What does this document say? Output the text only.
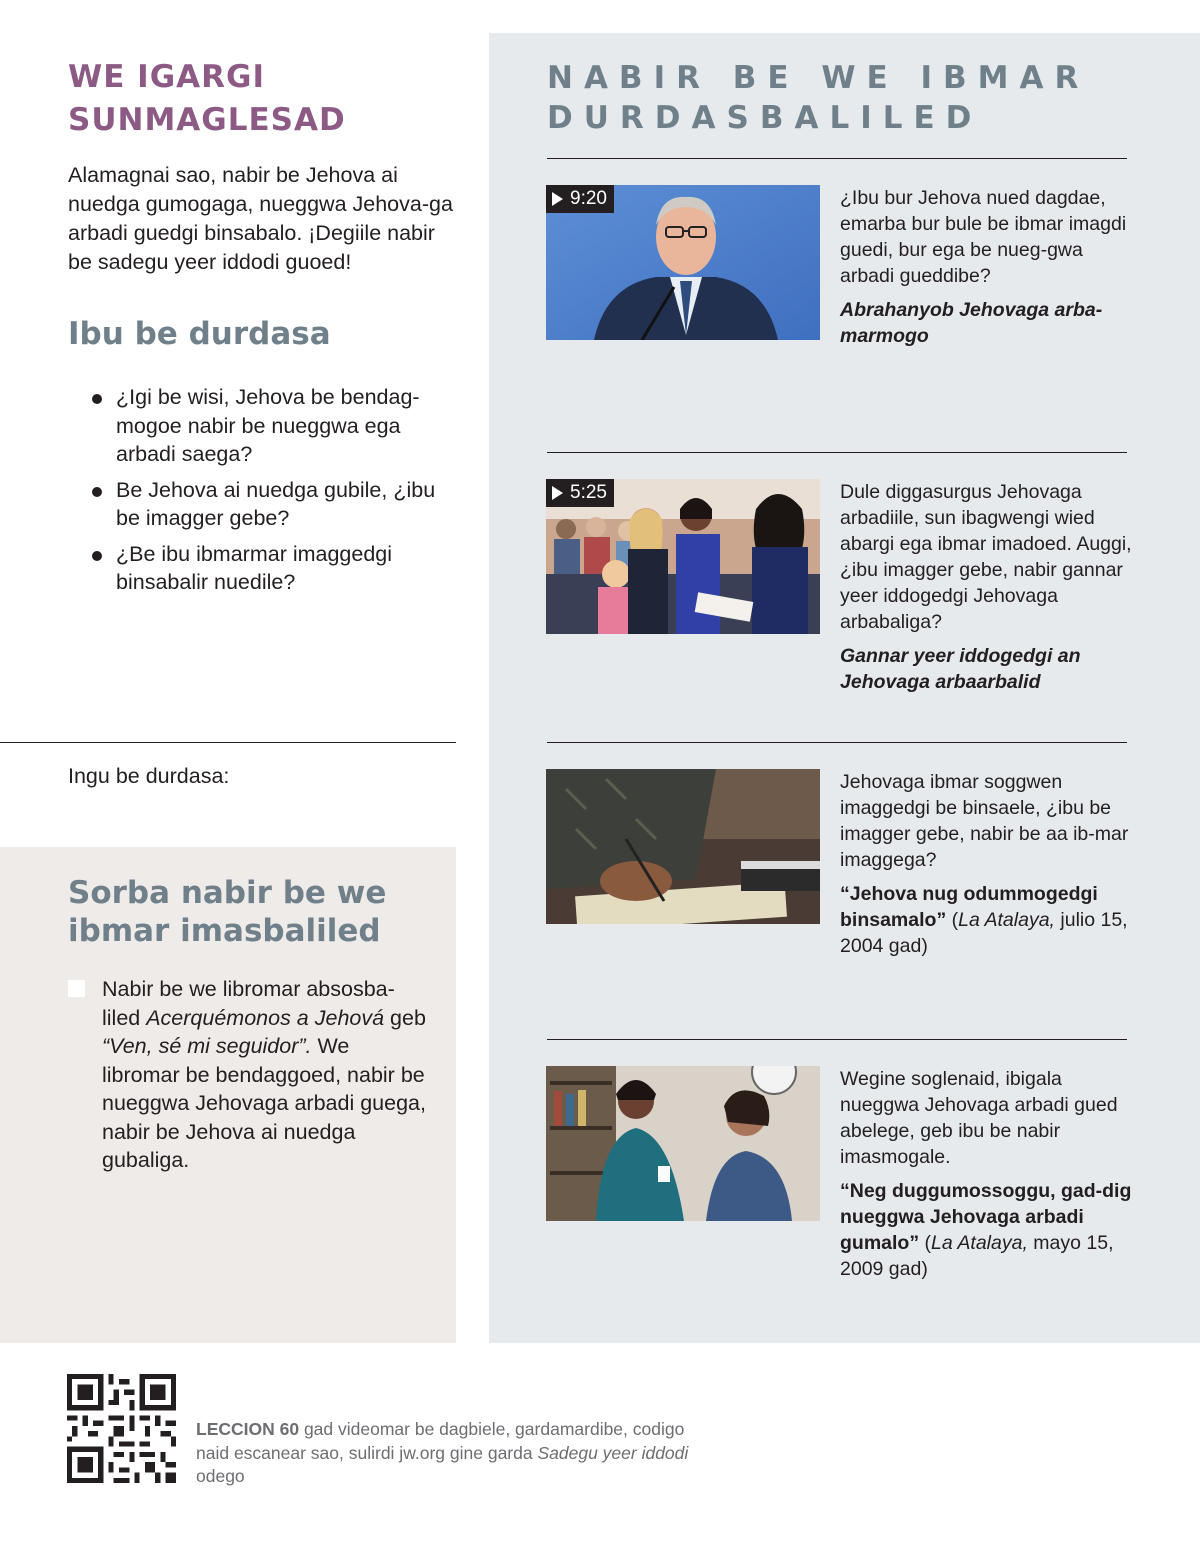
WE IGARGI
SUNMAGLESAD

Alamagnai sao, nabir be Jehova ai nuedga gumogaga, nueggwa Jehova-ga arbadi guedgi binsabalo. ¡Degiile nabir be sadegu yeer iddodi guoed!

Ibu be durdasa
¿Igi be wisi, Jehova be bendag-mogoe nabir be nueggwa ega arbadi saega?
Be Jehova ai nuedga gubile, ¿ibu be imagger gebe?
¿Be ibu ibmarmar imaggedgi binsabalir nuedile?
Ingu be durdasa:
Sorba nabir be we
ibmar imasbaliled

Nabir be we libromar absosba-liled Acerquémonos a Jehová geb “Ven, sé mi seguidor”. We libromar be bendaggoed, nabir be nueggwa Jehovaga arbadi guega, nabir be Jehova ai nuedga gubaliga.

NABIR BE WE IBMAR
DURDASBALILED
9:20	¿Ibu bur Jehova nued dagdae, emarba bur bule be ibmar imagdi guedi, bur ega be nueg-gwa arbadi gueddibe?

Abrahanyob Jehovaga arba-marmogo

5:25	Dule diggasurgus Jehovaga arbadiile, sun ibagwengi wied abargi ega ibmar imadoed. Auggi, ¿ibu imagger gebe, nabir gannar yeer iddogedgi Jehovaga arbabaliga?

Gannar yeer iddogedgi an Jehovaga arbaarbalid

Jehovaga ibmar soggwen imaggedgi be binsaele, ¿ibu be imagger gebe, nabir be aa ib-mar imaggega?

“Jehova nug odummogedgi binsamalo” (La Atalaya, julio 15, 2004 gad)

Wegine soglenaid, ibigala nueggwa Jehovaga arbadi gued abelege, geb ibu be nabir imasmogale.

“Neg duggumossoggu, gad-dig nueggwa Jehovaga arbadi gumalo” (La Atalaya, mayo 15, 2009 gad)

LECCION 60 gad videomar be dagbiele, gardamardibe, codigo naid escanear sao, sulirdi jw.org gine garda Sadegu yeer iddodi odego
